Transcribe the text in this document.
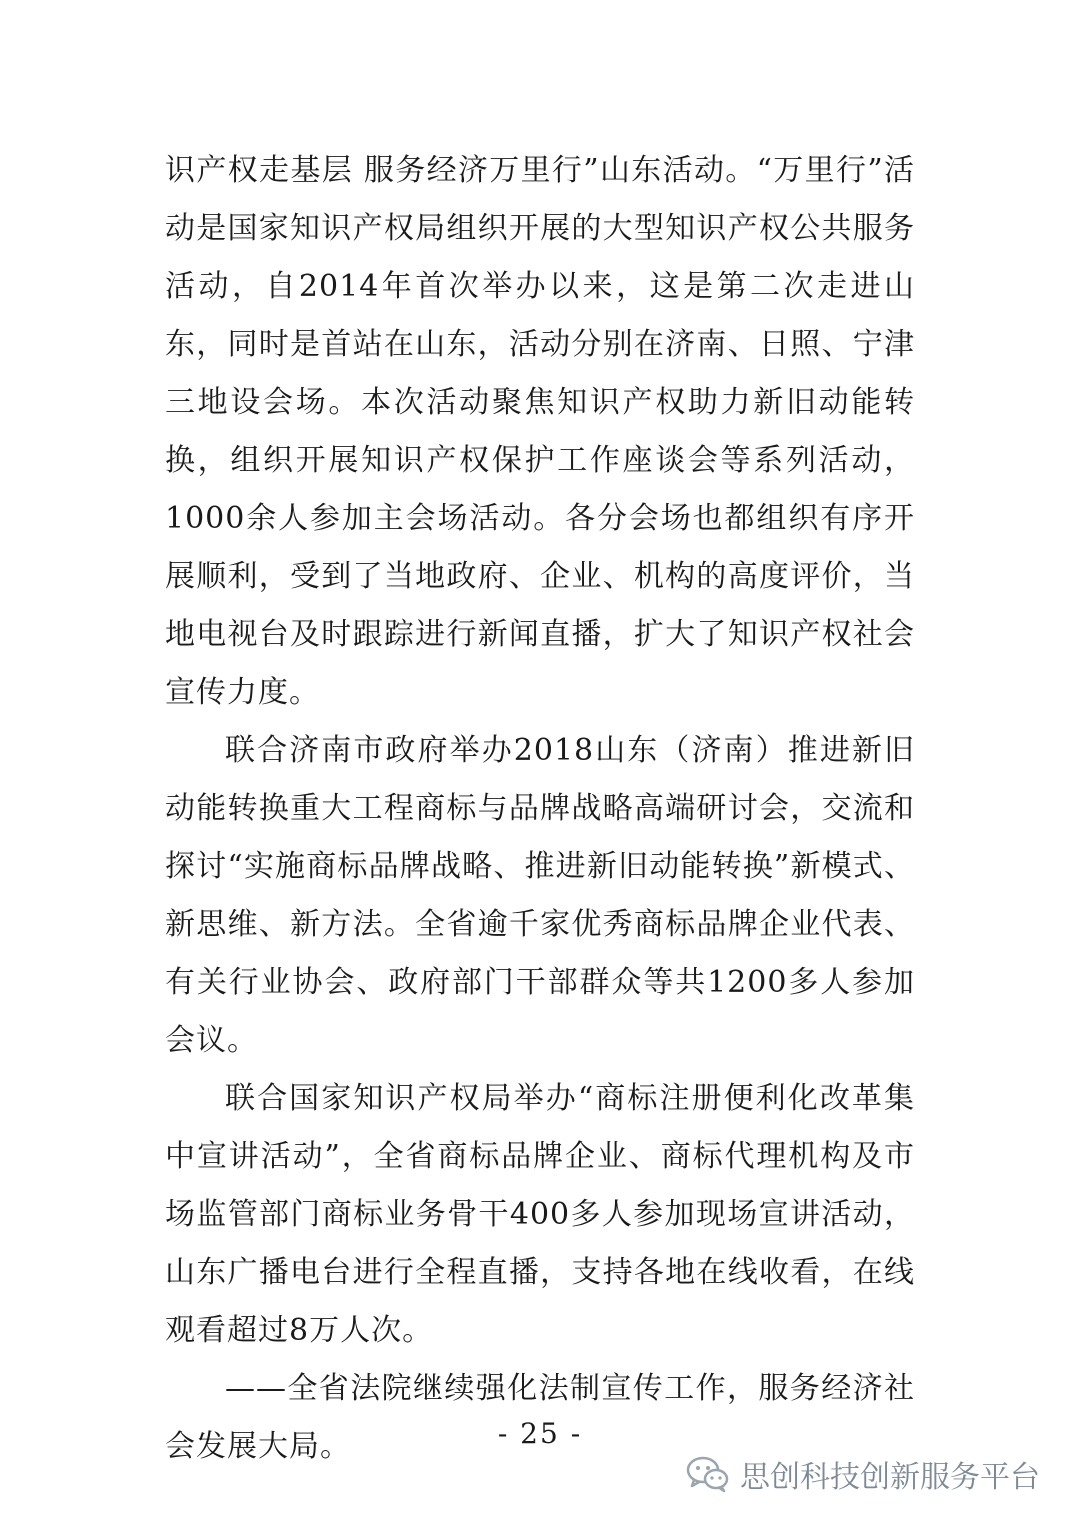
识产权走基层 服务经济万里行”山东活动。“万里行”活动是国家知识产权局组织开展的大型知识产权公共服务活动，自2014年首次举办以来，这是第二次走进山东，同时是首站在山东，活动分别在济南、日照、宁津三地设会场。本次活动聚焦知识产权助力新旧动能转换，组织开展知识产权保护工作座谈会等系列活动，1000余人参加主会场活动。各分会场也都组织有序开展顺利，受到了当地政府、企业、机构的高度评价，当地电视台及时跟踪进行新闻直播，扩大了知识产权社会宣传力度。

联合济南市政府举办2018山东（济南）推进新旧动能转换重大工程商标与品牌战略高端研讨会，交流和探讨“实施商标品牌战略、推进新旧动能转换”新模式、新思维、新方法。全省逾千家优秀商标品牌企业代表、有关行业协会、政府部门干部群众等共1200多人参加会议。

联合国家知识产权局举办“商标注册便利化改革集中宣讲活动”，全省商标品牌企业、商标代理机构及市场监管部门商标业务骨干400多人参加现场宣讲活动，山东广播电台进行全程直播，支持各地在线收看，在线观看超过8万人次。

——全省法院继续强化法制宣传工作，服务经济社会发展大局。	- 25 -
思创科技创新服务平台
